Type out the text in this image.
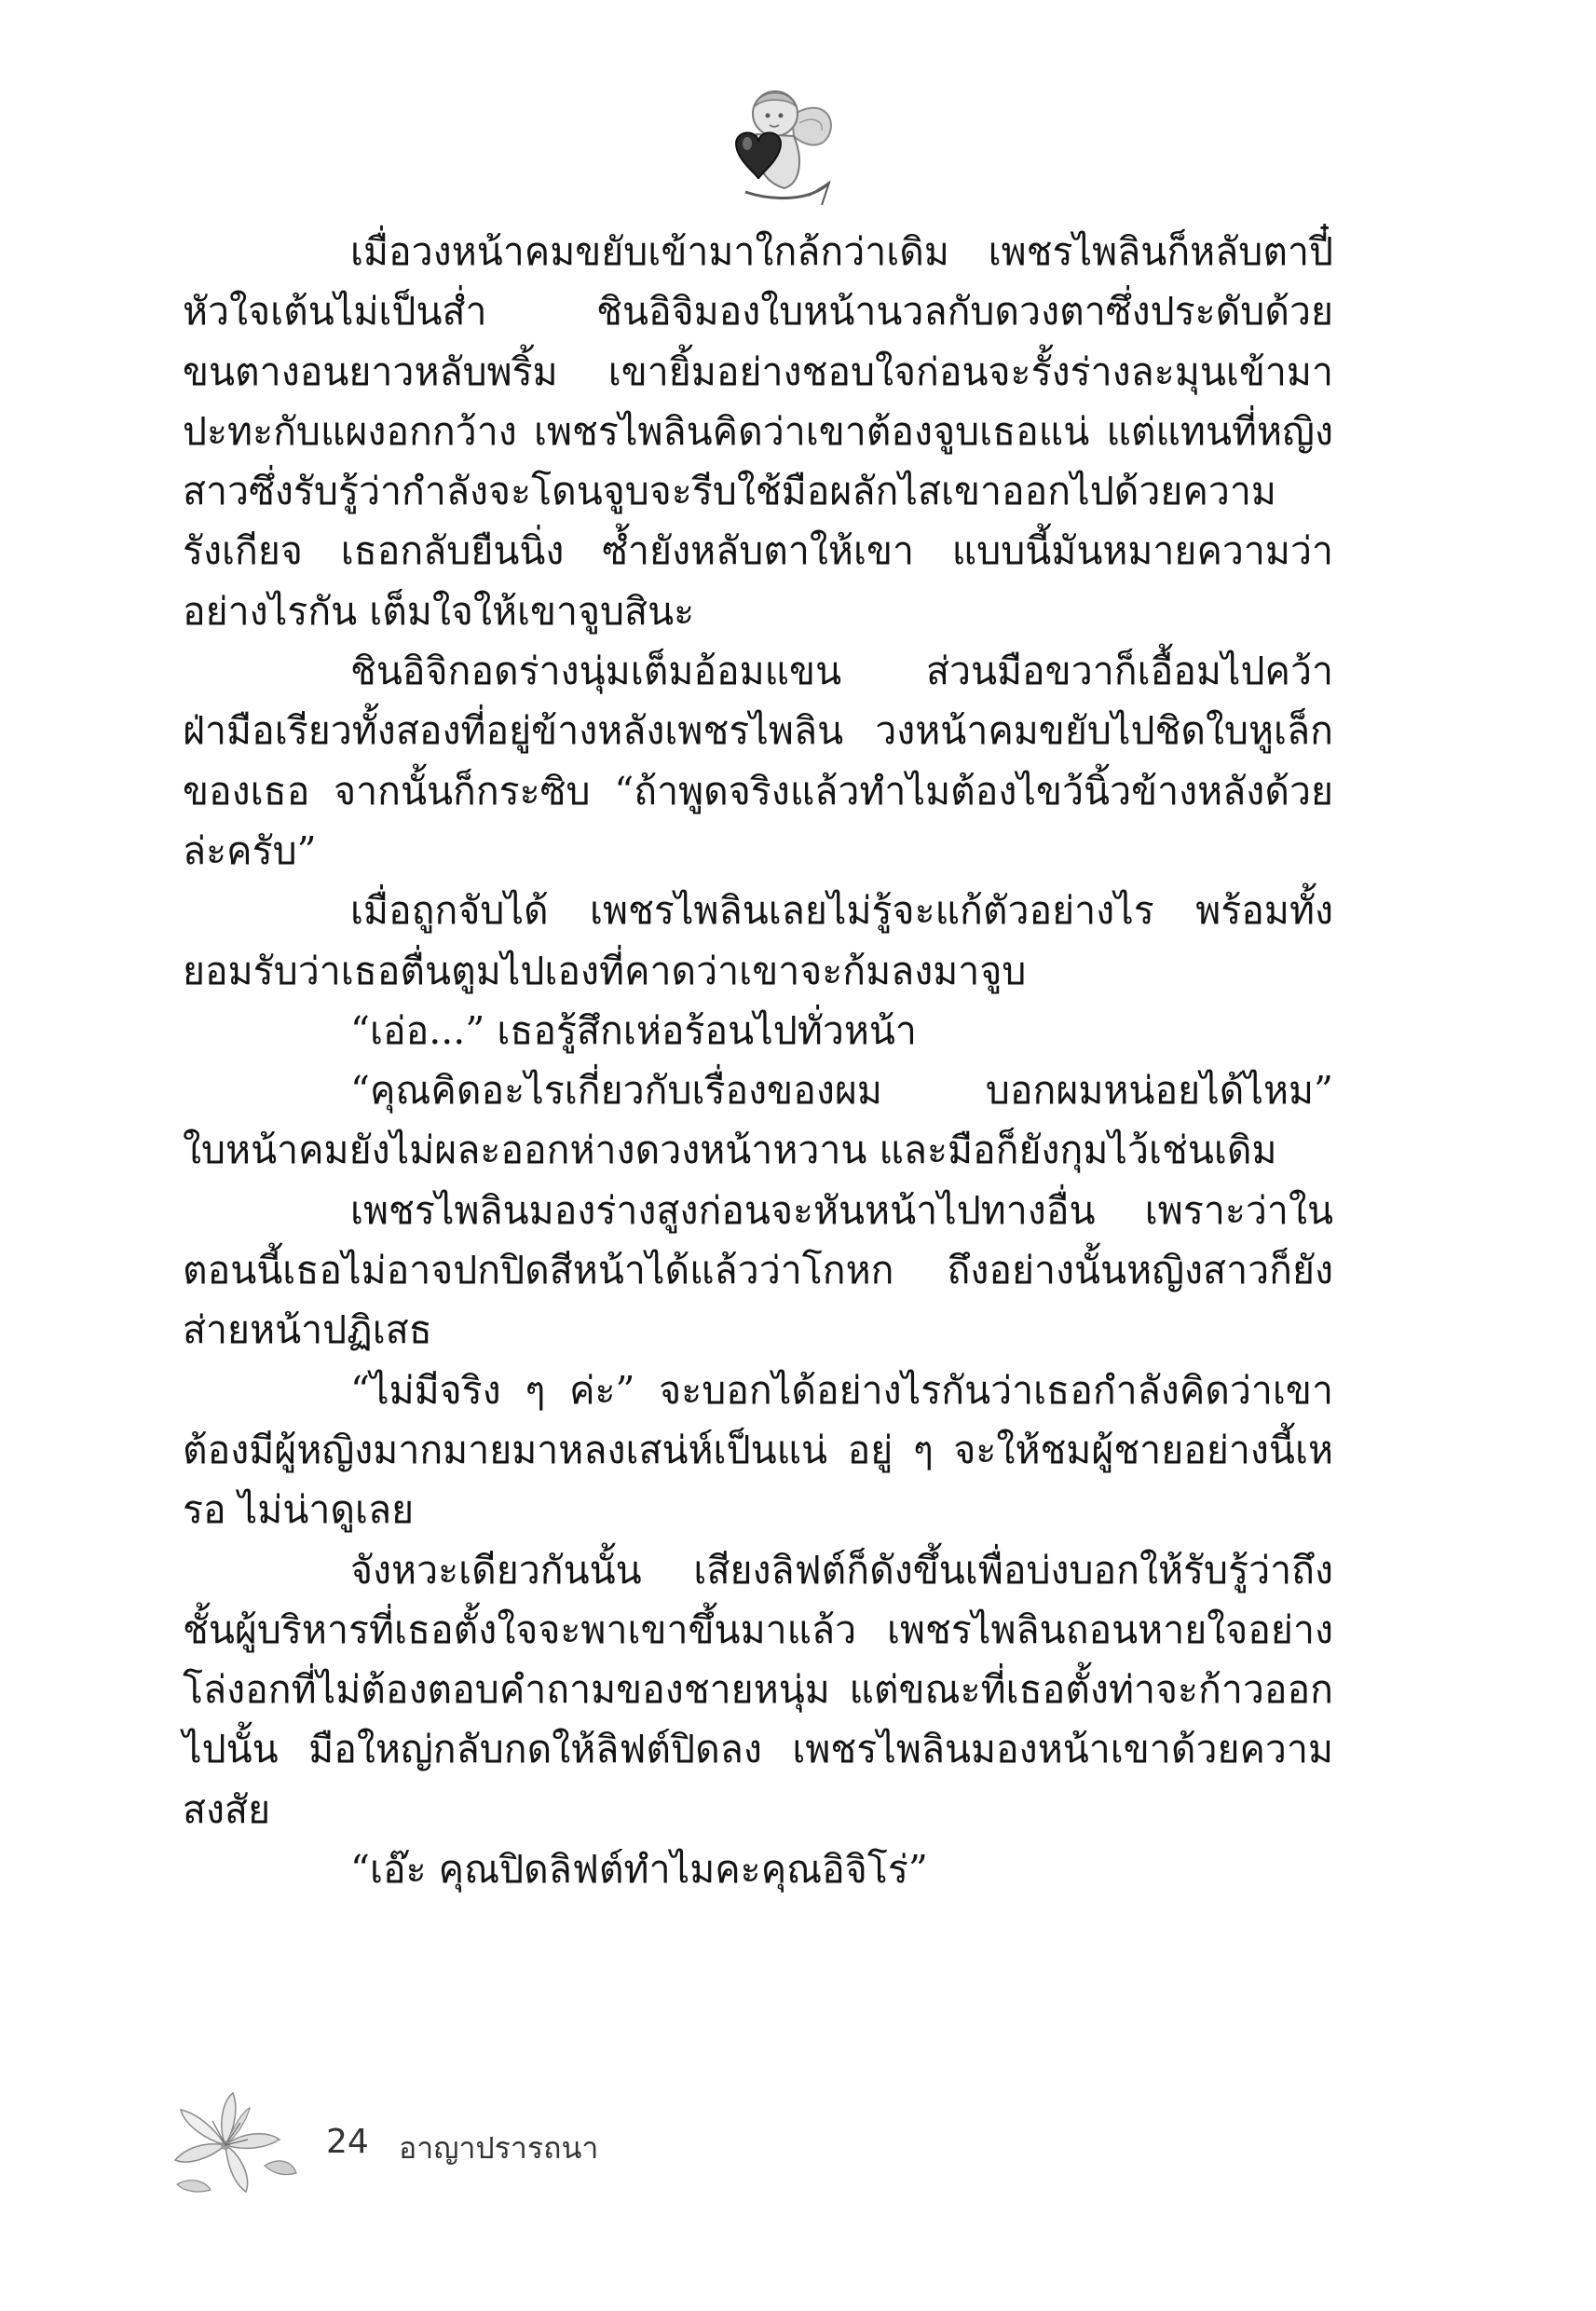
เมื่อวงหน้าคมขยับเข้ามาใกล้กว่าเดิม เพชรไพลินก็หลับตาปี๋ หัวใจเต้นไม่เป็นส่ำ ชินอิจิมองใบหน้านวลกับดวงตาซึ่งประดับด้วยขนตางอนยาวหลับพริ้ม เขายิ้มอย่างชอบใจก่อนจะรั้งร่างละมุนเข้ามาปะทะกับแผงอกกว้าง เพชรไพลินคิดว่าเขาต้องจูบเธอแน่ แต่แทนที่หญิงสาวซึ่งรับรู้ว่ากำลังจะโดนจูบจะรีบใช้มือผลักไสเขาออกไปด้วยความรังเกียจ เธอกลับยืนนิ่ง ซ้ำยังหลับตาให้เขา แบบนี้มันหมายความว่าอย่างไรกัน เต็มใจให้เขาจูบสินะ

ชินอิจิกอดร่างนุ่มเต็มอ้อมแขน ส่วนมือขวาก็เอื้อมไปคว้าฝ่ามือเรียวทั้งสองที่อยู่ข้างหลังเพชรไพลิน วงหน้าคมขยับไปชิดใบหูเล็กของเธอ จากนั้นก็กระซิบ “ถ้าพูดจริงแล้วทำไมต้องไขว้นิ้วข้างหลังด้วยล่ะครับ”

เมื่อถูกจับได้ เพชรไพลินเลยไม่รู้จะแก้ตัวอย่างไร พร้อมทั้งยอมรับว่าเธอตื่นตูมไปเองที่คาดว่าเขาจะก้มลงมาจูบ

“เอ่อ...” เธอรู้สึกเห่อร้อนไปทั่วหน้า

“คุณคิดอะไรเกี่ยวกับเรื่องของผม บอกผมหน่อยได้ไหม” ใบหน้าคมยังไม่ผละออกห่างดวงหน้าหวาน และมือก็ยังกุมไว้เช่นเดิม

เพชรไพลินมองร่างสูงก่อนจะหันหน้าไปทางอื่น เพราะว่าในตอนนี้เธอไม่อาจปกปิดสีหน้าได้แล้วว่าโกหก ถึงอย่างนั้นหญิงสาวก็ยังส่ายหน้าปฏิเสธ

“ไม่มีจริง ๆ ค่ะ” จะบอกได้อย่างไรกันว่าเธอกำลังคิดว่าเขาต้องมีผู้หญิงมากมายมาหลงเสน่ห์เป็นแน่ อยู่ ๆ จะให้ชมผู้ชายอย่างนี้เหรอ ไม่น่าดูเลย

จังหวะเดียวกันนั้น เสียงลิฟต์ก็ดังขึ้นเพื่อบ่งบอกให้รับรู้ว่าถึงชั้นผู้บริหารที่เธอตั้งใจจะพาเขาขึ้นมาแล้ว เพชรไพลินถอนหายใจอย่างโล่งอกที่ไม่ต้องตอบคำถามของชายหนุ่ม แต่ขณะที่เธอตั้งท่าจะก้าวออกไปนั้น มือใหญ่กลับกดให้ลิฟต์ปิดลง เพชรไพลินมองหน้าเขาด้วยความสงสัย

“เอ๊ะ คุณปิดลิฟต์ทำไมคะคุณอิจิโร่”

24 อาญาปรารถนา
